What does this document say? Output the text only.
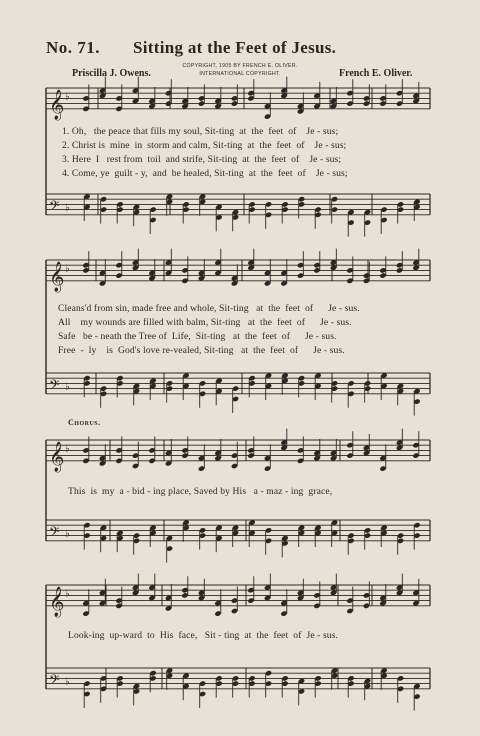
No. 71. Sitting at the Feet of Jesus.
COPYRIGHT, 1905 BY FRENCH E. OLIVER.
INTERNATIONAL COPYRIGHT.
Priscilla J. Owens.	French E. Oliver.
1. Oh,   the peace that fills my soul, Sit-ting  at  the  feet  of    Je - sus;
2. Christ is  mine  in  storm and calm, Sit-ting  at  the  feet  of    Je - sus;
3. Here  I   rest from  toil  and strife, Sit-ting  at  the  feet  of    Je - sus;
4. Come, ye  guilt - y,  and  be healed, Sit-ting  at  the  feet  of    Je - sus;
Cleans'd from sin, made free and whole, Sit-ting   at  the  feet  of      Je - sus.
All    my wounds are filled with balm, Sit-ting   at  the  feet  of      Je - sus.
Safe   be - neath the Tree of  Life,  Sit-ting   at  the  feet  of      Je - sus.
Free  -  ly    is  God's love re-vealed, Sit-ting   at  the  feet  of      Je - sus.
Chorus.
This  is  my  a - bid - ing place, Saved by His   a - maz - ing  grace,
Look-ing  up-ward  to  His  face,   Sit - ting  at  the  feet  of  Je - sus.
𝄞 ♭
𝄢 ♭
𝄞 ♭
𝄢 ♭
𝄞 ♭
𝄢 ♭
𝄞 ♭
𝄢 ♭
